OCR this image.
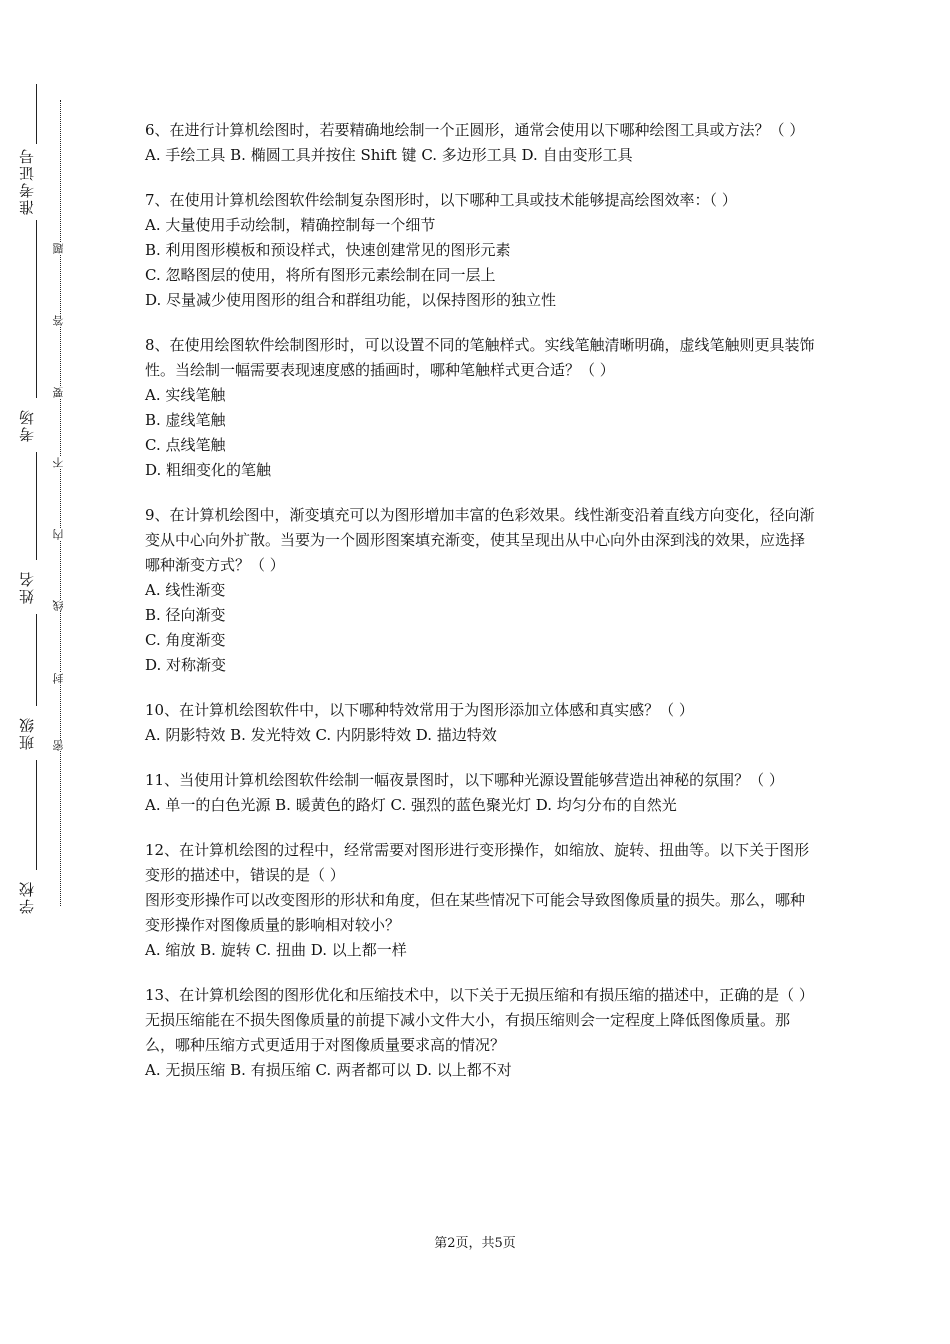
准考证号
考场
姓名
班级
学校
密
封
线
内
不
要
答
题

6、在进行计算机绘图时，若要精确地绘制一个正圆形，通常会使用以下哪种绘图工具或方法？（ ）

A. 手绘工具 B. 椭圆工具并按住 Shift 键 C. 多边形工具 D. 自由变形工具

7、在使用计算机绘图软件绘制复杂图形时，以下哪种工具或技术能够提高绘图效率：（ ）

A. 大量使用手动绘制，精确控制每一个细节

B. 利用图形模板和预设样式，快速创建常见的图形元素

C. 忽略图层的使用，将所有图形元素绘制在同一层上

D. 尽量减少使用图形的组合和群组功能，以保持图形的独立性

8、在使用绘图软件绘制图形时，可以设置不同的笔触样式。实线笔触清晰明确，虚线笔触则更具装饰性。当绘制一幅需要表现速度感的插画时，哪种笔触样式更合适？（ ）

A. 实线笔触

B. 虚线笔触

C. 点线笔触

D. 粗细变化的笔触

9、在计算机绘图中，渐变填充可以为图形增加丰富的色彩效果。线性渐变沿着直线方向变化，径向渐变从中心向外扩散。当要为一个圆形图案填充渐变，使其呈现出从中心向外由深到浅的效果，应选择哪种渐变方式？（ ）

A. 线性渐变

B. 径向渐变

C. 角度渐变

D. 对称渐变

10、在计算机绘图软件中，以下哪种特效常用于为图形添加立体感和真实感？（ ）

A. 阴影特效 B. 发光特效 C. 内阴影特效 D. 描边特效

11、当使用计算机绘图软件绘制一幅夜景图时，以下哪种光源设置能够营造出神秘的氛围？（ ）

A. 单一的白色光源 B. 暖黄色的路灯 C. 强烈的蓝色聚光灯 D. 均匀分布的自然光

12、在计算机绘图的过程中，经常需要对图形进行变形操作，如缩放、旋转、扭曲等。以下关于图形变形的描述中，错误的是（ ）

图形变形操作可以改变图形的形状和角度，但在某些情况下可能会导致图像质量的损失。那么，哪种变形操作对图像质量的影响相对较小？

A. 缩放 B. 旋转 C. 扭曲 D. 以上都一样

13、在计算机绘图的图形优化和压缩技术中，以下关于无损压缩和有损压缩的描述中，正确的是（ ）

无损压缩能在不损失图像质量的前提下减小文件大小，有损压缩则会一定程度上降低图像质量。那么，哪种压缩方式更适用于对图像质量要求高的情况？

A. 无损压缩 B. 有损压缩 C. 两者都可以 D. 以上都不对

第2页，共5页
